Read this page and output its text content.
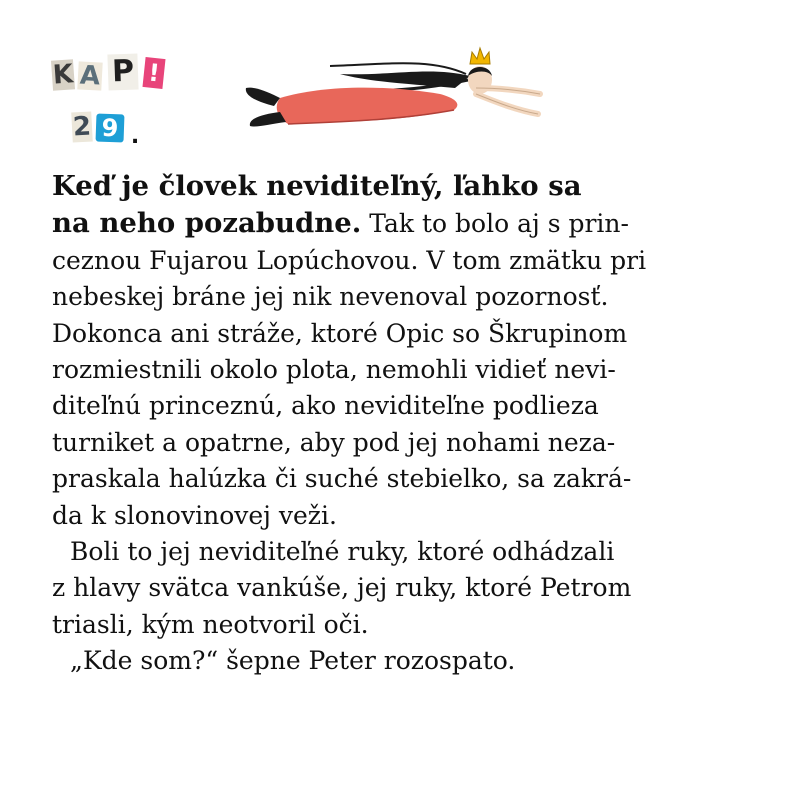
K A P !
2 9 .
Keď je človek neviditeľný, ľahko sa
na neho pozabudne. Tak to bolo aj s prin-
ceznou Fujarou Lopúchovou. V tom zmätku pri
nebeskej bráne jej nik nevenoval pozornosť.
Dokonca ani stráže, ktoré Opic so Škrupinom
rozmiestnili okolo plota, nemohli vidieť nevi-
diteľnú princeznú, ako neviditeľne podlieza
turniket a opatrne, aby pod jej nohami neza-
praskala halúzka či suché stebielko, sa zakrá-
da k slonovinovej veži.
Boli to jej neviditeľné ruky, ktoré odhádzali
z hlavy svätca vankúše, jej ruky, ktoré Petrom
triasli, kým neotvoril oči.
„Kde som?“ šepne Peter rozospato.
